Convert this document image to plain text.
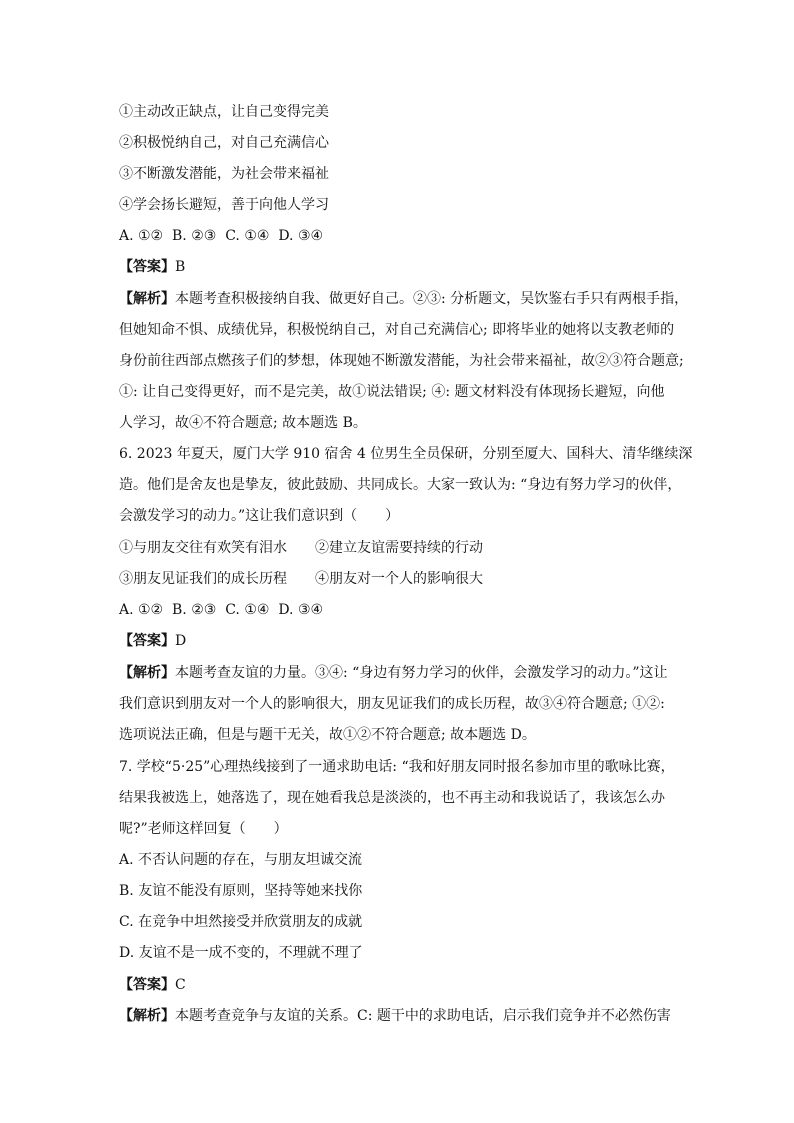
①主动改正缺点，让自己变得完美
②积极悦纳自己，对自己充满信心
③不断激发潜能，为社会带来福祉
④学会扬长避短，善于向他人学习
A. ①②  B. ②③  C. ①④  D. ③④
【答案】B
【解析】本题考查积极接纳自我、做更好自己。②③: 分析题文，吴饮鉴右手只有两根手指，
但她知命不惧、成绩优异，积极悦纳自己，对自己充满信心; 即将毕业的她将以支教老师的
身份前往西部点燃孩子们的梦想，体现她不断激发潜能，为社会带来福祉，故②③符合题意;
①: 让自己变得更好，而不是完美，故①说法错误; ④: 题文材料没有体现扬长避短，向他
人学习，故④不符合题意; 故本题选 B。
6. 2023 年夏天，厦门大学 910 宿舍 4 位男生全员保研，分别至厦大、国科大、清华继续深
造。他们是舍友也是挚友，彼此鼓励、共同成长。大家一致认为: “身边有努力学习的伙伴，
会激发学习的动力。”这让我们意识到（　　）
①与朋友交往有欢笑有泪水 ②建立友谊需要持续的行动
③朋友见证我们的成长历程 ④朋友对一个人的影响很大
A. ①②  B. ②③  C. ①④  D. ③④
【答案】D
【解析】本题考查友谊的力量。③④: “身边有努力学习的伙伴，会激发学习的动力。”这让
我们意识到朋友对一个人的影响很大，朋友见证我们的成长历程，故③④符合题意; ①②:
选项说法正确，但是与题干无关，故①②不符合题意; 故本题选 D。
7. 学校“5·25”心理热线接到了一通求助电话: “我和好朋友同时报名参加市里的歌咏比赛，
结果我被选上，她落选了，现在她看我总是淡淡的，也不再主动和我说话了，我该怎么办
呢?”老师这样回复（　　）
A. 不否认问题的存在，与朋友坦诚交流
B. 友谊不能没有原则，坚持等她来找你
C. 在竞争中坦然接受并欣赏朋友的成就
D. 友谊不是一成不变的，不理就不理了
【答案】C
【解析】本题考查竞争与友谊的关系。C: 题干中的求助电话，启示我们竞争并不必然伤害
